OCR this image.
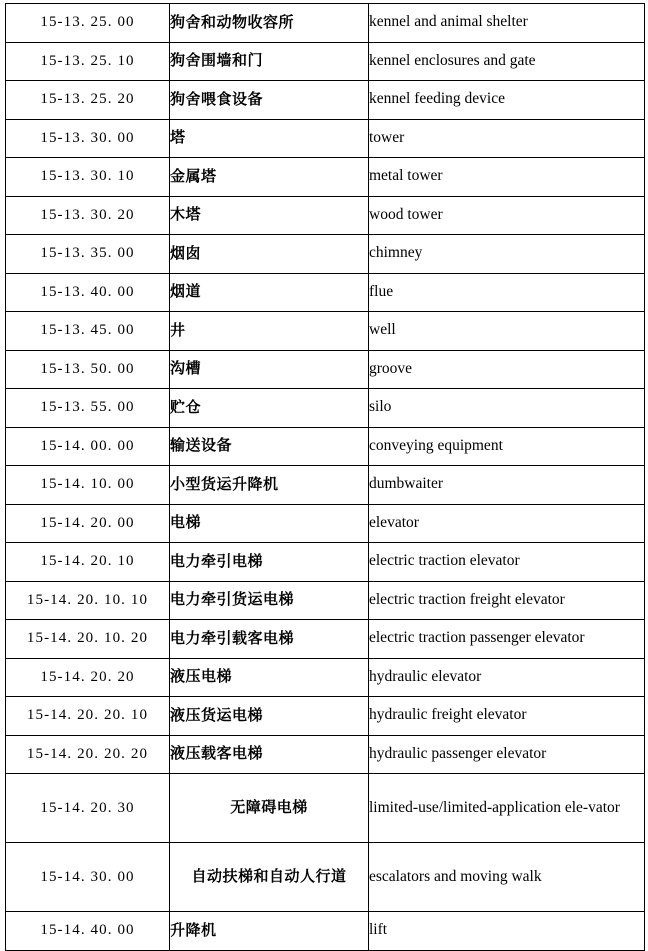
15-13. 25. 00	狗舍和动物收容所	kennel and animal shelter
15-13. 25. 10	狗舍围墙和门	kennel enclosures and gate
15-13. 25. 20	狗舍喂食设备	kennel feeding device
15-13. 30. 00	塔	tower
15-13. 30. 10	金属塔	metal tower
15-13. 30. 20	木塔	wood tower
15-13. 35. 00	烟囱	chimney
15-13. 40. 00	烟道	flue
15-13. 45. 00	井	well
15-13. 50. 00	沟槽	groove
15-13. 55. 00	贮仓	silo
15-14. 00. 00	输送设备	conveying equipment
15-14. 10. 00	小型货运升降机	dumbwaiter
15-14. 20. 00	电梯	elevator
15-14. 20. 10	电力牵引电梯	electric traction elevator
15-14. 20. 10. 10	电力牵引货运电梯	electric traction freight elevator
15-14. 20. 10. 20	电力牵引载客电梯	electric traction passenger elevator
15-14. 20. 20	液压电梯	hydraulic elevator
15-14. 20. 20. 10	液压货运电梯	hydraulic freight elevator
15-14. 20. 20. 20	液压载客电梯	hydraulic passenger elevator
15-14. 20. 30	无障碍电梯	limited-use/limited-application ele-vator
15-14. 30. 00	自动扶梯和自动人行道	escalators and moving walk
15-14. 40. 00	升降机	lift
